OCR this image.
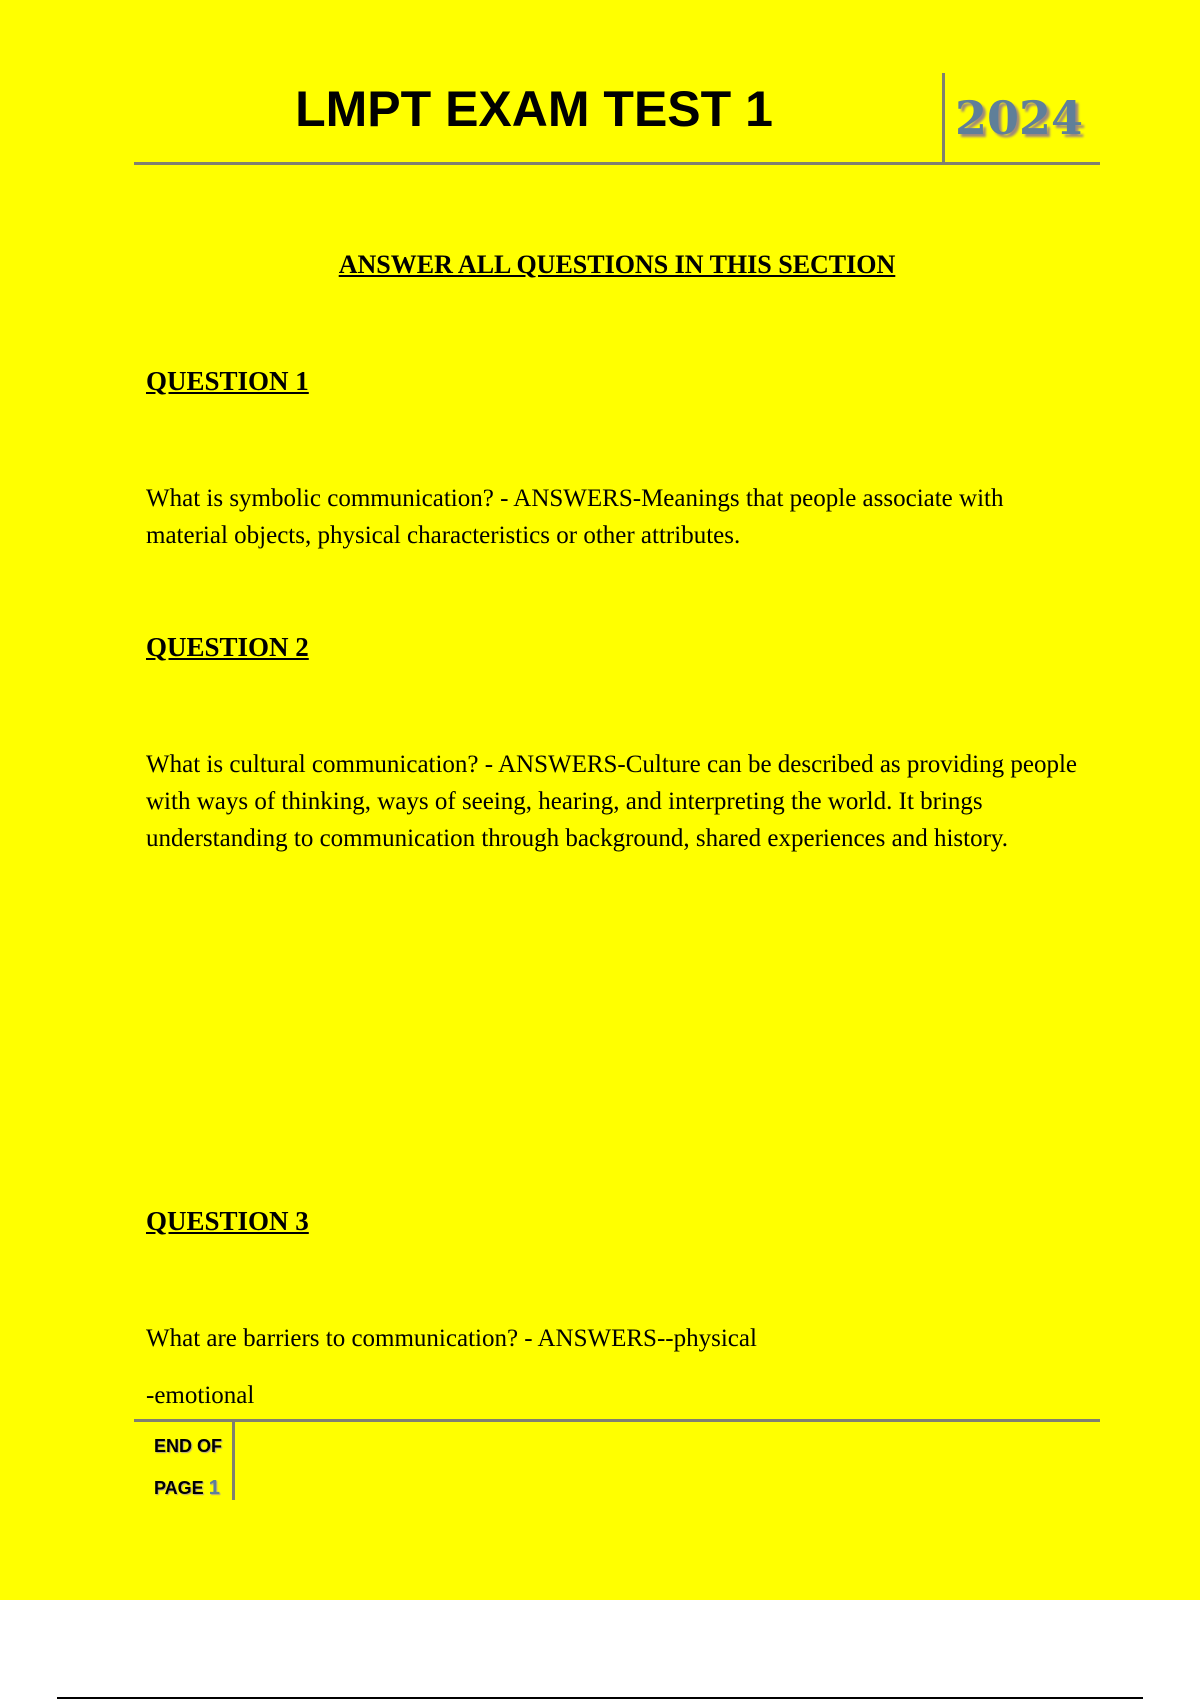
LMPT EXAM TEST 1	2024
ANSWER ALL QUESTIONS IN THIS SECTION
QUESTION 1

What is symbolic communication? - ANSWERS-Meanings that people associate with material objects, physical characteristics or other attributes.

QUESTION 2

What is cultural communication? - ANSWERS-Culture can be described as providing people with ways of thinking, ways of seeing, hearing, and interpreting the world. It brings understanding to communication through background, shared experiences and history.

QUESTION 3

What are barriers to communication? - ANSWERS--physical

-emotional

END OF
PAGE 1
